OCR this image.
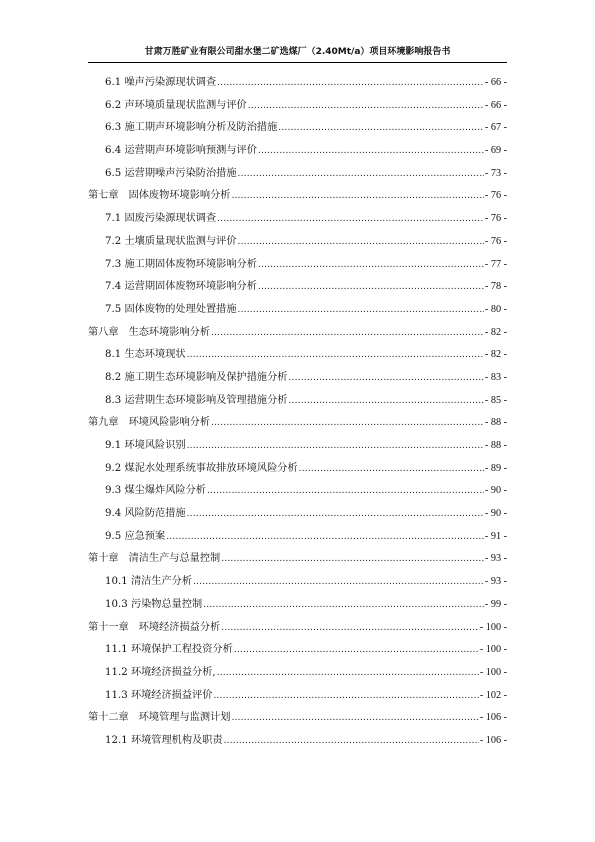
甘肃万胜矿业有限公司甜水堡二矿选煤厂（2.40Mt/a）项目环境影响报告书
6.1 噪声污染源现状调查 .....	- 66 -
6.2 声环境质量现状监测与评价 .....	- 66 -
6.3 施工期声环境影响分析及防治措施 .....	- 67 -
6.4 运营期声环境影响预测与评价 .....	- 69 -
6.5 运营期噪声污染防治措施 .....	- 73 -
第七章 固体废物环境影响分析 .....	- 76 -
7.1 固废污染源现状调查 .....	- 76 -
7.2 土壤质量现状监测与评价 .....	- 76 -
7.3 施工期固体废物环境影响分析 .....	- 77 -
7.4 运营期固体废物环境影响分析 .....	- 78 -
7.5 固体废物的处理处置措施 .....	- 80 -
第八章 生态环境影响分析 .....	- 82 -
8.1 生态环境现状 .....	- 82 -
8.2 施工期生态环境影响及保护措施分析 .....	- 83 -
8.3 运营期生态环境影响及管理措施分析 .....	- 85 -
第九章 环境风险影响分析 .....	- 88 -
9.1 环境风险识别 .....	- 88 -
9.2 煤泥水处理系统事故排放环境风险分析 .....	- 89 -
9.3 煤尘爆炸风险分析 .....	- 90 -
9.4 风险防范措施 .....	- 90 -
9.5 应急预案 .....	- 91 -
第十章 清洁生产与总量控制 .....	- 93 -
10.1 清洁生产分析 .....	- 93 -
10.3 污染物总量控制 .....	- 99 -
第十一章 环境经济损益分析 .....	- 100 -
11.1 环境保护工程投资分析 .....	- 100 -
11.2 环境经济损益分析, .....	- 100 -
11.3 环境经济损益评价 .....	- 102 -
第十二章 环境管理与监测计划 .....	- 106 -
12.1 环境管理机构及职责 .....	- 106 -
